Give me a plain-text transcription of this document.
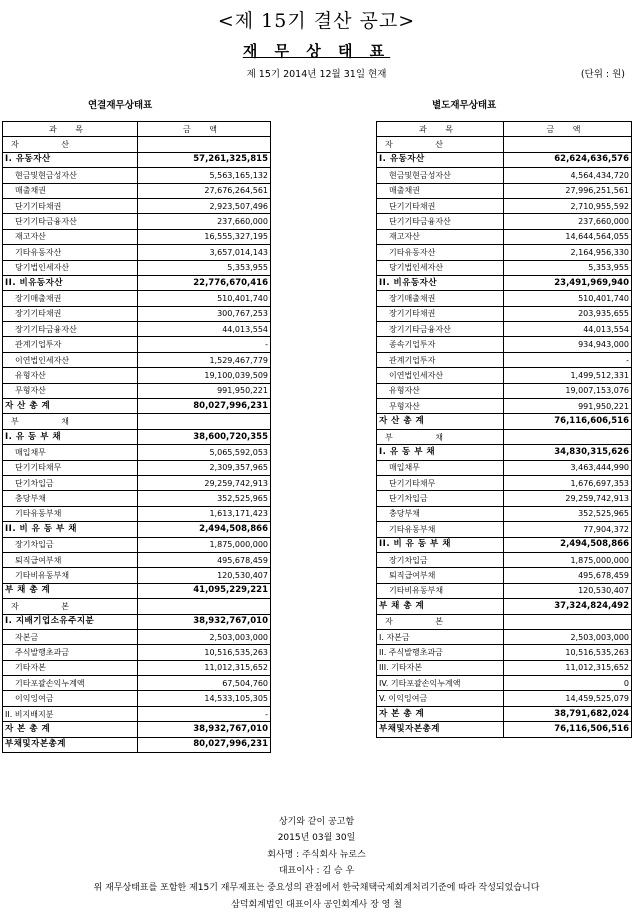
<제 15기 결산 공고>
재 무 상 태 표
제 15기 2014년 12월 31일 현재	(단위 : 원)
연결재무상태표	별도재무상태표
과 목	금 액
자 산	
I. 유동자산	57,261,325,815
현금및현금성자산	5,563,165,132
매출채권	27,676,264,561
단기기타채권	2,923,507,496
단기기타금융자산	237,660,000
재고자산	16,555,327,195
기타유동자산	3,657,014,143
당기법인세자산	5,353,955
II. 비유동자산	22,776,670,416
장기매출채권	510,401,740
장기기타채권	300,767,253
장기기타금융자산	44,013,554
관계기업투자	-
이연법인세자산	1,529,467,779
유형자산	19,100,039,509
무형자산	991,950,221
자 산 총 계	80,027,996,231
부 채	
I. 유 동 부 채	38,600,720,355
매입채무	5,065,592,053
단기기타채무	2,309,357,965
단기차입금	29,259,742,913
충당부채	352,525,965
기타유동부채	1,613,171,423
II. 비 유 동 부 채	2,494,508,866
장기차입금	1,875,000,000
퇴직급여부채	495,678,459
기타비유동부채	120,530,407
부 채 총 계	41,095,229,221
자 본	
I. 지배기업소유주지분	38,932,767,010
자본금	2,503,003,000
주식발행초과금	10,516,535,263
기타자본	11,012,315,652
기타포괄손익누계액	67,504,760
이익잉여금	14,533,105,305
II. 비지배지분	-
자 본 총 계	38,932,767,010
부채및자본총계	80,027,996,231
과 목	금 액
자 산	
I. 유동자산	62,624,636,576
현금및현금성자산	4,564,434,720
매출채권	27,996,251,561
단기기타채권	2,710,955,592
단기기타금융자산	237,660,000
재고자산	14,644,564,055
기타유동자산	2,164,956,330
당기법인세자산	5,353,955
II. 비유동자산	23,491,969,940
장기매출채권	510,401,740
장기기타채권	203,935,655
장기기타금융자산	44,013,554
종속기업투자	934,943,000
관계기업투자	-
이연법인세자산	1,499,512,331
유형자산	19,007,153,076
무형자산	991,950,221
자 산 총 계	76,116,606,516
부 채	
I. 유 동 부 채	34,830,315,626
매입채무	3,463,444,990
단기기타채무	1,676,697,353
단기차입금	29,259,742,913
충당부채	352,525,965
기타유동부채	77,904,372
II. 비 유 동 부 채	2,494,508,866
장기차입금	1,875,000,000
퇴직급여부채	495,678,459
기타비유동부채	120,530,407
부 채 총 계	37,324,824,492
자 본	
I. 자본금	2,503,003,000
II. 주식발행초과금	10,516,535,263
III. 기타자본	11,012,315,652
IV. 기타포괄손익누계액	0
V. 이익잉여금	14,459,525,079
자 본 총 계	38,791,682,024
부채및자본총계	76,116,506,516
상기와 같이 공고함
2015년 03월 30일
회사명 : 주식회사 뉴로스
대표이사 : 김 승 우
위 재무상태표를 포함한 제15기 재무제표는 중요성의 관점에서 한국채택국제회계처리기준에 따라 작성되었습니다
삼덕회계법인 대표이사 공인회계사 장 영 철
